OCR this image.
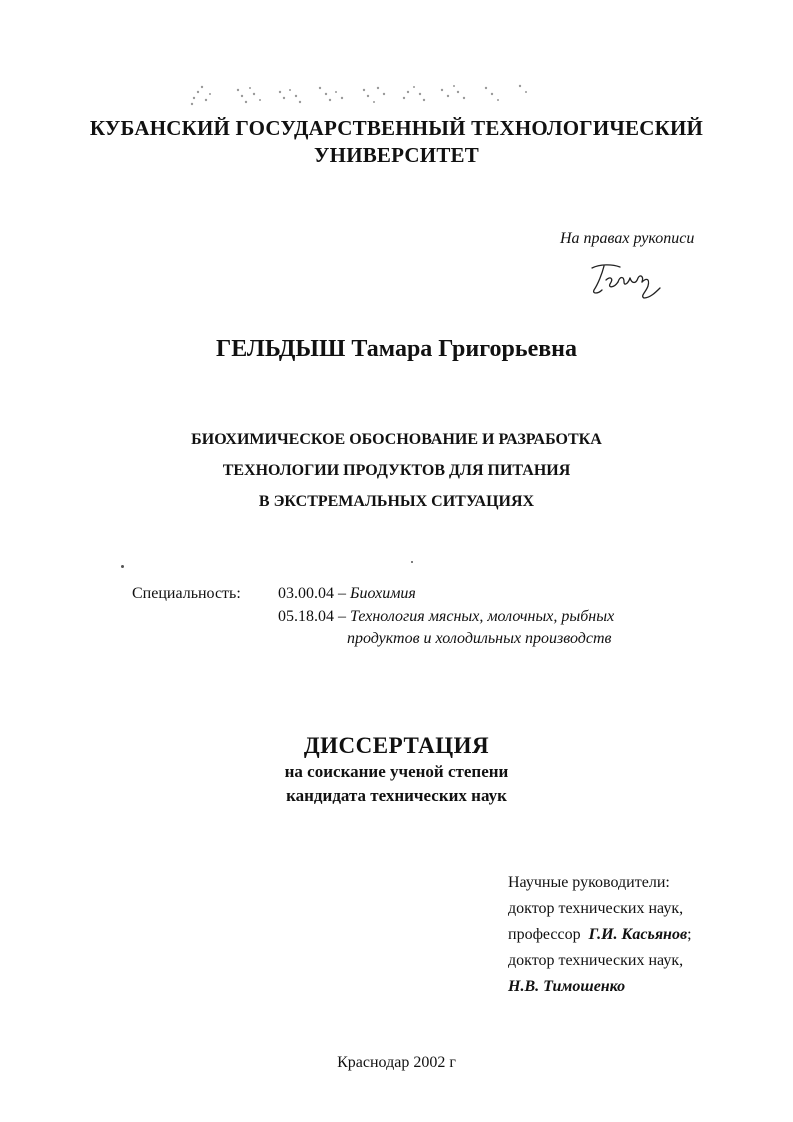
КУБАНСКИЙ ГОСУДАРСТВЕННЫЙ ТЕХНОЛОГИЧЕСКИЙ
УНИВЕРСИТЕТ
На правах рукописи
ГЕЛЬДЫШ Тамара Григорьевна
БИОХИМИЧЕСКОЕ ОБОСНОВАНИЕ И РАЗРАБОТКА
ТЕХНОЛОГИИ ПРОДУКТОВ ДЛЯ ПИТАНИЯ
В ЭКСТРЕМАЛЬНЫХ СИТУАЦИЯХ
Специальность: 03.00.04 – Биохимия
05.18.04 – Технология мясных, молочных, рыбных
продуктов и холодильных производств
ДИССЕРТАЦИЯ
на соискание ученой степени
кандидата технических наук
Научные руководители:
доктор технических наук,
профессор Г.И. Касьянов;
доктор технических наук,
Н.В. Тимошенко
Краснодар 2002 г
